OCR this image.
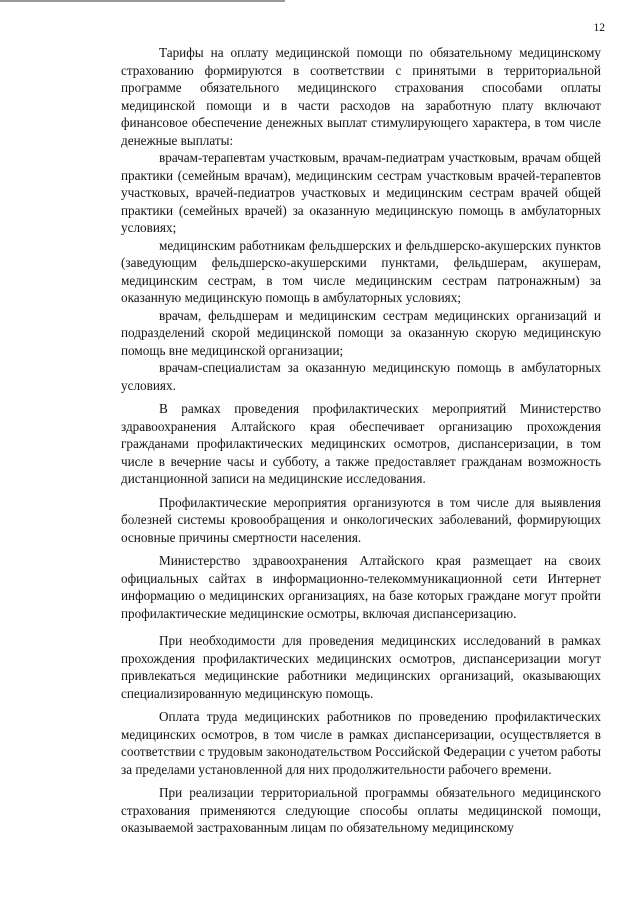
12

Тарифы на оплату медицинской помощи по обязательному медицинскому страхованию формируются в соответствии с принятыми в территориальной программе обязательного медицинского страхования способами оплаты медицинской помощи и в части расходов на заработную плату включают финансовое обеспечение денежных выплат стимулирующего характера, в том числе денежные выплаты:

врачам-терапевтам участковым, врачам-педиатрам участковым, врачам общей практики (семейным врачам), медицинским сестрам участковым врачей-терапевтов участковых, врачей-педиатров участковых и медицинским сестрам врачей общей практики (семейных врачей) за оказанную медицинскую помощь в амбулаторных условиях;

медицинским работникам фельдшерских и фельдшерско-акушерских пунктов (заведующим фельдшерско-акушерскими пунктами, фельдшерам, акушерам, медицинским сестрам, в том числе медицинским сестрам патронажным) за оказанную медицинскую помощь в амбулаторных условиях;

врачам, фельдшерам и медицинским сестрам медицинских организаций и подразделений скорой медицинской помощи за оказанную скорую медицинскую помощь вне медицинской организации;

врачам-специалистам за оказанную медицинскую помощь в амбулаторных условиях.

В рамках проведения профилактических мероприятий Министерство здравоохранения Алтайского края обеспечивает организацию прохождения гражданами профилактических медицинских осмотров, диспансеризации, в том числе в вечерние часы и субботу, а также предоставляет гражданам возможность дистанционной записи на медицинские исследования.

Профилактические мероприятия организуются в том числе для выявления болезней системы кровообращения и онкологических заболеваний, формирующих основные причины смертности населения.

Министерство здравоохранения Алтайского края размещает на своих официальных сайтах в информационно-телекоммуникационной сети Интернет информацию о медицинских организациях, на базе которых граждане могут пройти профилактические медицинские осмотры, включая диспансеризацию.

При необходимости для проведения медицинских исследований в рамках прохождения профилактических медицинских осмотров, диспансеризации могут привлекаться медицинские работники медицинских организаций, оказывающих специализированную медицинскую помощь.

Оплата труда медицинских работников по проведению профилактических медицинских осмотров, в том числе в рамках диспансеризации, осуществляется в соответствии с трудовым законодательством Российской Федерации с учетом работы за пределами установленной для них продолжительности рабочего времени.

При реализации территориальной программы обязательного медицинского страхования применяются следующие способы оплаты медицинской помощи, оказываемой застрахованным лицам по обязательному медицинскому
